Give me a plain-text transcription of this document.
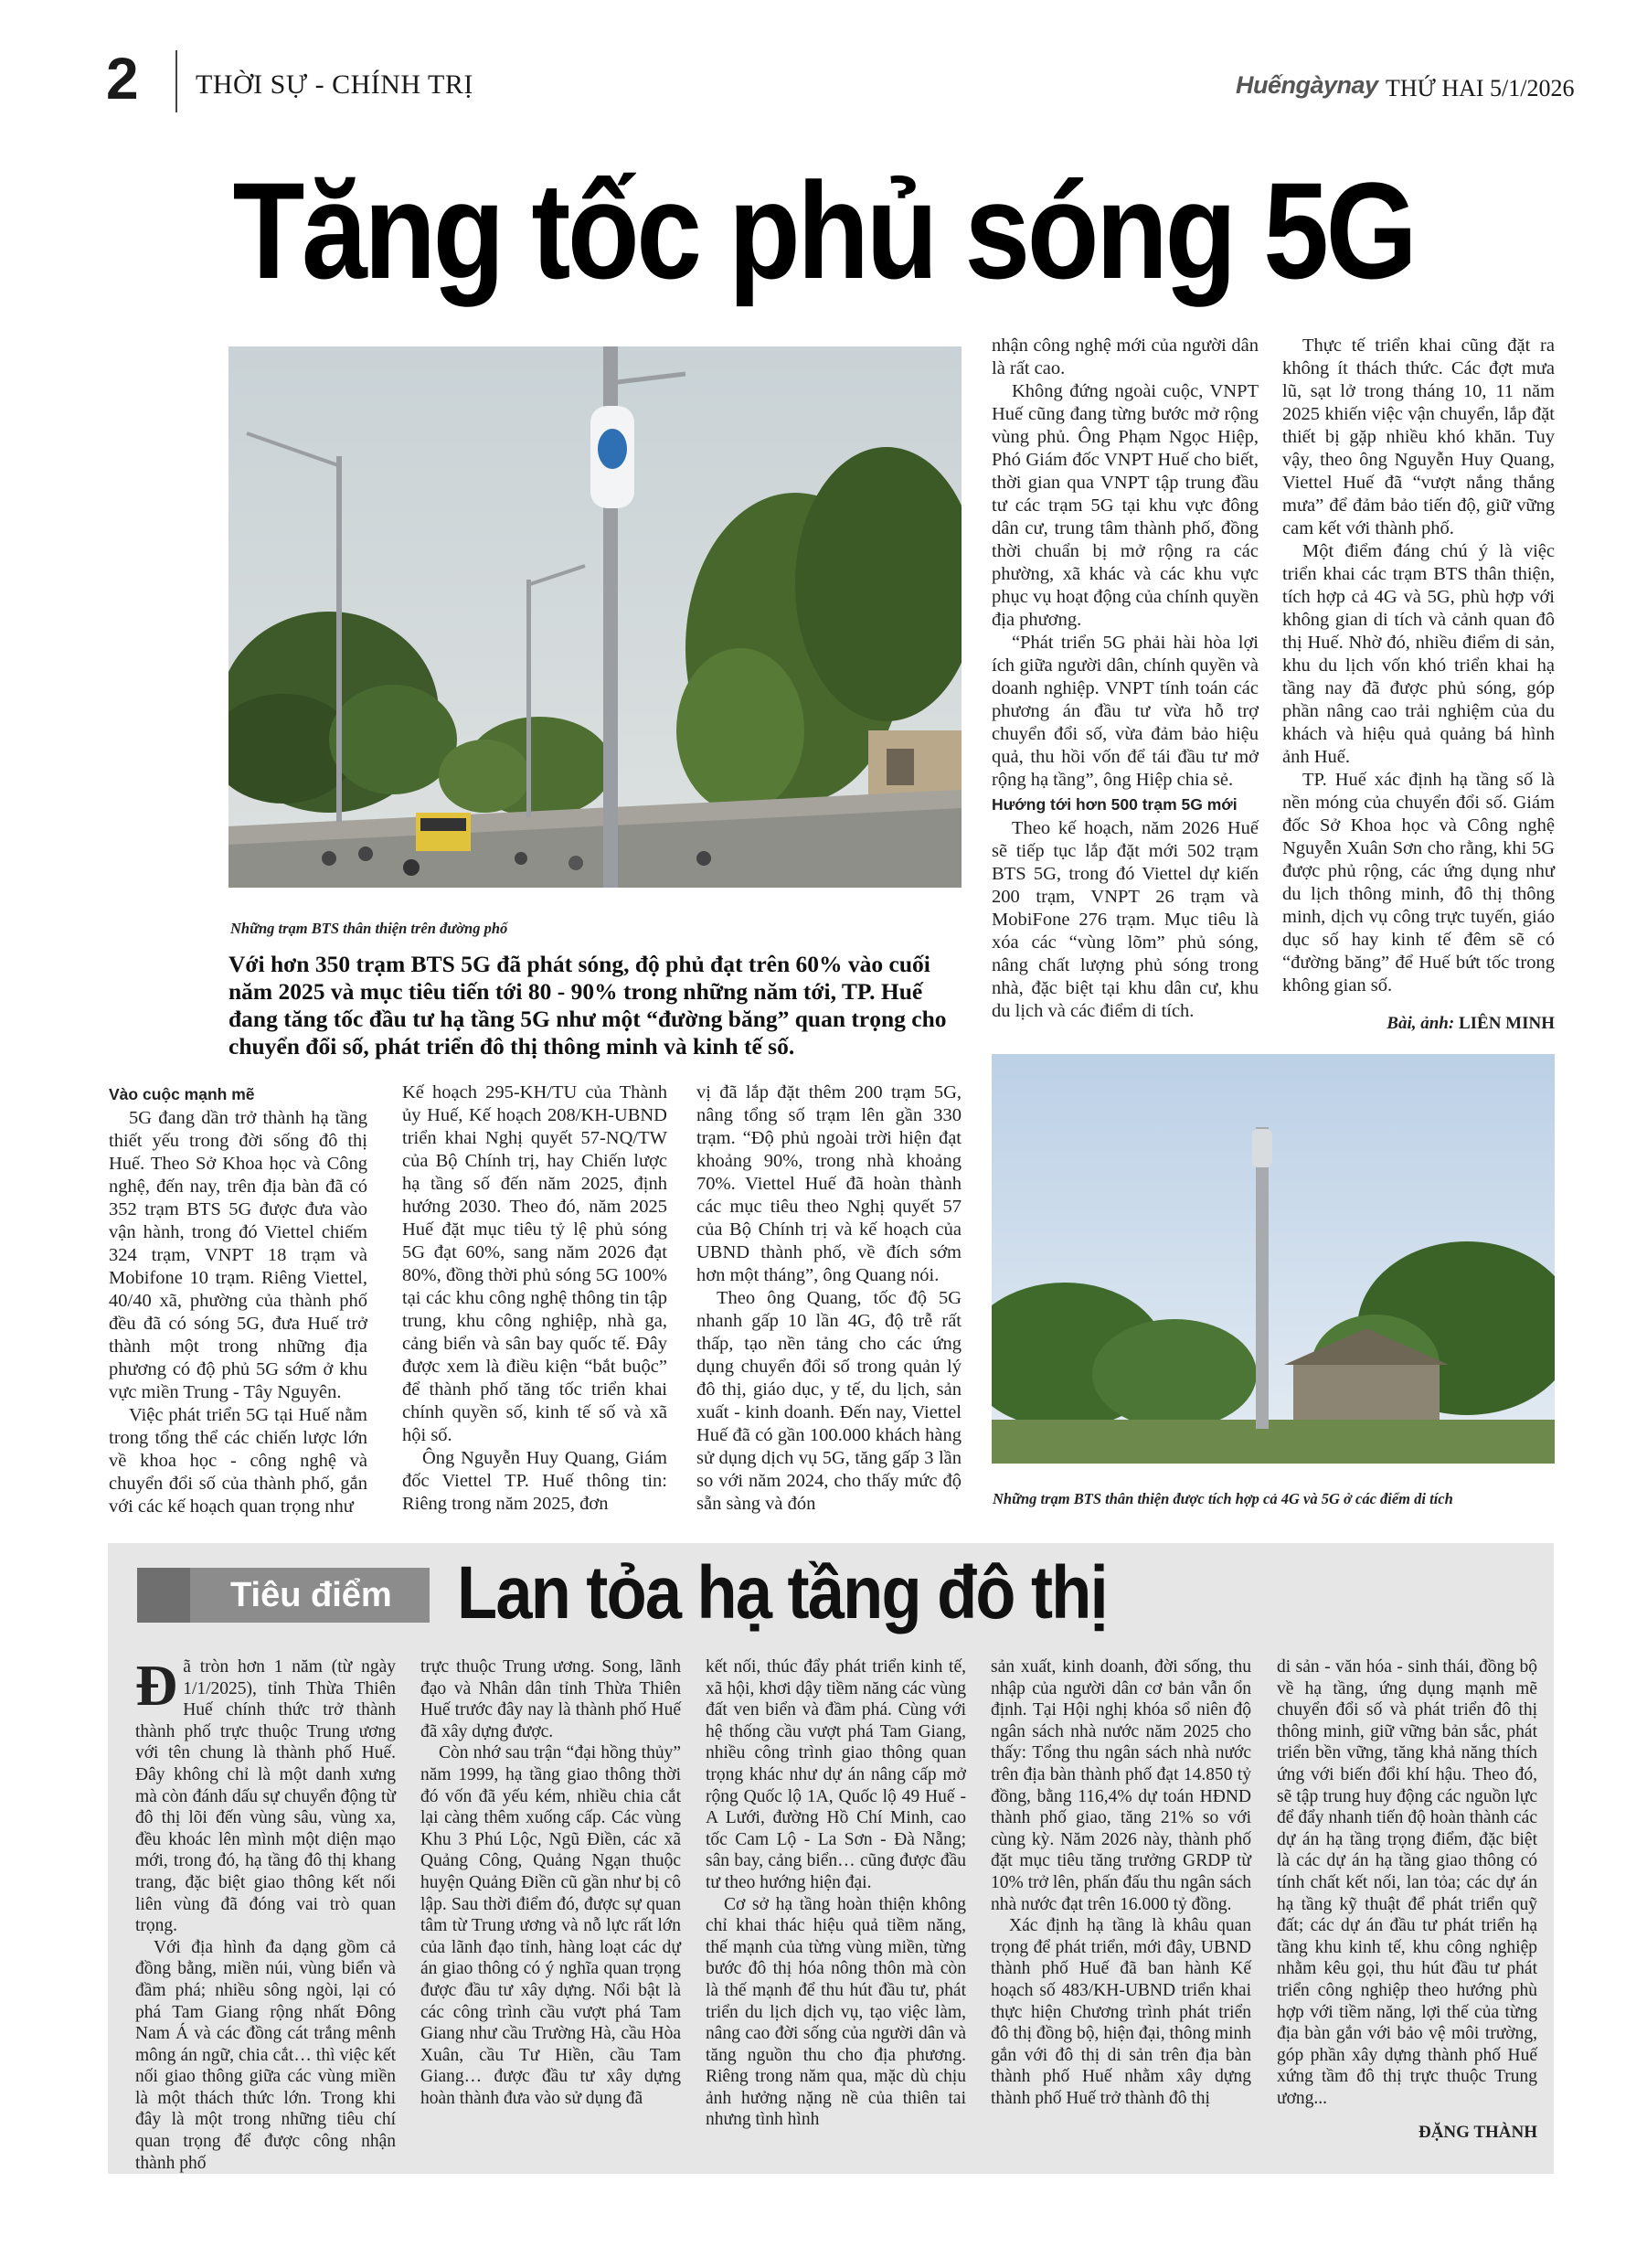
2 THỜI SỰ - CHÍNH TRỊ	Huếngàynay THỨ HAI 5/1/2026
Tăng tốc phủ sóng 5G
Những trạm BTS thân thiện trên đường phố
Với hơn 350 trạm BTS 5G đã phát sóng, độ phủ đạt trên 60% vào cuối năm 2025 và mục tiêu tiến tới 80 - 90% trong những năm tới, TP. Huế đang tăng tốc đầu tư hạ tầng 5G như một “đường băng” quan trọng cho chuyển đổi số, phát triển đô thị thông minh và kinh tế số.

nhận công nghệ mới của người dân là rất cao.

Không đứng ngoài cuộc, VNPT Huế cũng đang từng bước mở rộng vùng phủ. Ông Phạm Ngọc Hiệp, Phó Giám đốc VNPT Huế cho biết, thời gian qua VNPT tập trung đầu tư các trạm 5G tại khu vực đông dân cư, trung tâm thành phố, đồng thời chuẩn bị mở rộng ra các phường, xã khác và các khu vực phục vụ hoạt động của chính quyền địa phương.

“Phát triển 5G phải hài hòa lợi ích giữa người dân, chính quyền và doanh nghiệp. VNPT tính toán các phương án đầu tư vừa hỗ trợ chuyển đổi số, vừa đảm bảo hiệu quả, thu hồi vốn để tái đầu tư mở rộng hạ tầng”, ông Hiệp chia sẻ.

Hướng tới hơn 500 trạm 5G mới

Theo kế hoạch, năm 2026 Huế sẽ tiếp tục lắp đặt mới 502 trạm BTS 5G, trong đó Viettel dự kiến 200 trạm, VNPT 26 trạm và MobiFone 276 trạm. Mục tiêu là xóa các “vùng lõm” phủ sóng, nâng chất lượng phủ sóng trong nhà, đặc biệt tại khu dân cư, khu du lịch và các điểm di tích.

Thực tế triển khai cũng đặt ra không ít thách thức. Các đợt mưa lũ, sạt lở trong tháng 10, 11 năm 2025 khiến việc vận chuyển, lắp đặt thiết bị gặp nhiều khó khăn. Tuy vậy, theo ông Nguyễn Huy Quang, Viettel Huế đã “vượt nắng thắng mưa” để đảm bảo tiến độ, giữ vững cam kết với thành phố.

Một điểm đáng chú ý là việc triển khai các trạm BTS thân thiện, tích hợp cả 4G và 5G, phù hợp với không gian di tích và cảnh quan đô thị Huế. Nhờ đó, nhiều điểm di sản, khu du lịch vốn khó triển khai hạ tầng nay đã được phủ sóng, góp phần nâng cao trải nghiệm của du khách và hiệu quả quảng bá hình ảnh Huế.

TP. Huế xác định hạ tầng số là nền móng của chuyển đổi số. Giám đốc Sở Khoa học và Công nghệ Nguyễn Xuân Sơn cho rằng, khi 5G được phủ rộng, các ứng dụng như du lịch thông minh, đô thị thông minh, dịch vụ công trực tuyến, giáo dục số hay kinh tế đêm sẽ có “đường băng” để Huế bứt tốc trong không gian số.

Bài, ảnh: LIÊN MINH
Vào cuộc mạnh mẽ

5G đang dần trở thành hạ tầng thiết yếu trong đời sống đô thị Huế. Theo Sở Khoa học và Công nghệ, đến nay, trên địa bàn đã có 352 trạm BTS 5G được đưa vào vận hành, trong đó Viettel chiếm 324 trạm, VNPT 18 trạm và Mobifone 10 trạm. Riêng Viettel, 40/40 xã, phường của thành phố đều đã có sóng 5G, đưa Huế trở thành một trong những địa phương có độ phủ 5G sớm ở khu vực miền Trung - Tây Nguyên.

Việc phát triển 5G tại Huế nằm trong tổng thể các chiến lược lớn về khoa học - công nghệ và chuyển đổi số của thành phố, gắn với các kế hoạch quan trọng như

Kế hoạch 295-KH/TU của Thành ủy Huế, Kế hoạch 208/KH-UBND triển khai Nghị quyết 57-NQ/TW của Bộ Chính trị, hay Chiến lược hạ tầng số đến năm 2025, định hướng 2030. Theo đó, năm 2025 Huế đặt mục tiêu tỷ lệ phủ sóng 5G đạt 60%, sang năm 2026 đạt 80%, đồng thời phủ sóng 5G 100% tại các khu công nghệ thông tin tập trung, khu công nghiệp, nhà ga, cảng biển và sân bay quốc tế. Đây được xem là điều kiện “bắt buộc” để thành phố tăng tốc triển khai chính quyền số, kinh tế số và xã hội số.

Ông Nguyễn Huy Quang, Giám đốc Viettel TP. Huế thông tin: Riêng trong năm 2025, đơn

vị đã lắp đặt thêm 200 trạm 5G, nâng tổng số trạm lên gần 330 trạm. “Độ phủ ngoài trời hiện đạt khoảng 90%, trong nhà khoảng 70%. Viettel Huế đã hoàn thành các mục tiêu theo Nghị quyết 57 của Bộ Chính trị và kế hoạch của UBND thành phố, về đích sớm hơn một tháng”, ông Quang nói.

Theo ông Quang, tốc độ 5G nhanh gấp 10 lần 4G, độ trễ rất thấp, tạo nền tảng cho các ứng dụng chuyển đổi số trong quản lý đô thị, giáo dục, y tế, du lịch, sản xuất - kinh doanh. Đến nay, Viettel Huế đã có gần 100.000 khách hàng sử dụng dịch vụ 5G, tăng gấp 3 lần so với năm 2024, cho thấy mức độ sẵn sàng và đón	Những trạm BTS thân thiện được tích hợp cả 4G và 5G ở các điểm di tích
Tiêu điểm Lan tỏa hạ tầng đô thị
Đ ã tròn hơn 1 năm (từ ngày 1/1/2025), tỉnh Thừa Thiên Huế chính thức trở thành thành phố trực thuộc Trung ương với tên chung là thành phố Huế. Đây không chỉ là một danh xưng mà còn đánh dấu sự chuyển động từ đô thị lõi đến vùng sâu, vùng xa, đều khoác lên mình một diện mạo mới, trong đó, hạ tầng đô thị khang trang, đặc biệt giao thông kết nối liên vùng đã đóng vai trò quan trọng.

Với địa hình đa dạng gồm cả đồng bằng, miền núi, vùng biển và đầm phá; nhiều sông ngòi, lại có phá Tam Giang rộng nhất Đông Nam Á và các đồng cát trắng mênh mông án ngữ, chia cắt… thì việc kết nối giao thông giữa các vùng miền là một thách thức lớn. Trong khi đây là một trong những tiêu chí quan trọng để được công nhận thành phố

trực thuộc Trung ương. Song, lãnh đạo và Nhân dân tỉnh Thừa Thiên Huế trước đây nay là thành phố Huế đã xây dựng được.

Còn nhớ sau trận “đại hồng thủy” năm 1999, hạ tầng giao thông thời đó vốn đã yếu kém, nhiều chia cắt lại càng thêm xuống cấp. Các vùng Khu 3 Phú Lộc, Ngũ Điền, các xã Quảng Công, Quảng Ngạn thuộc huyện Quảng Điền cũ gần như bị cô lập. Sau thời điểm đó, được sự quan tâm từ Trung ương và nỗ lực rất lớn của lãnh đạo tỉnh, hàng loạt các dự án giao thông có ý nghĩa quan trọng được đầu tư xây dựng. Nổi bật là các công trình cầu vượt phá Tam Giang như cầu Trường Hà, cầu Hòa Xuân, cầu Tư Hiền, cầu Tam Giang… được đầu tư xây dựng hoàn thành đưa vào sử dụng đã

kết nối, thúc đẩy phát triển kinh tế, xã hội, khơi dậy tiềm năng các vùng đất ven biển và đầm phá. Cùng với hệ thống cầu vượt phá Tam Giang, nhiều công trình giao thông quan trọng khác như dự án nâng cấp mở rộng Quốc lộ 1A, Quốc lộ 49 Huế - A Lưới, đường Hồ Chí Minh, cao tốc Cam Lộ - La Sơn - Đà Nẵng; sân bay, cảng biển… cũng được đầu tư theo hướng hiện đại.

Cơ sở hạ tầng hoàn thiện không chỉ khai thác hiệu quả tiềm năng, thế mạnh của từng vùng miền, từng bước đô thị hóa nông thôn mà còn là thế mạnh để thu hút đầu tư, phát triển du lịch dịch vụ, tạo việc làm, nâng cao đời sống của người dân và tăng nguồn thu cho địa phương. Riêng trong năm qua, mặc dù chịu ảnh hưởng nặng nề của thiên tai nhưng tình hình

sản xuất, kinh doanh, đời sống, thu nhập của người dân cơ bản vẫn ổn định. Tại Hội nghị khóa sổ niên độ ngân sách nhà nước năm 2025 cho thấy: Tổng thu ngân sách nhà nước trên địa bàn thành phố đạt 14.850 tỷ đồng, bằng 116,4% dự toán HĐND thành phố giao, tăng 21% so với cùng kỳ. Năm 2026 này, thành phố đặt mục tiêu tăng trưởng GRDP từ 10% trở lên, phấn đấu thu ngân sách nhà nước đạt trên 16.000 tỷ đồng.

Xác định hạ tầng là khâu quan trọng để phát triển, mới đây, UBND thành phố Huế đã ban hành Kế hoạch số 483/KH-UBND triển khai thực hiện Chương trình phát triển đô thị đồng bộ, hiện đại, thông minh gắn với đô thị di sản trên địa bàn thành phố Huế nhằm xây dựng thành phố Huế trở thành đô thị

di sản - văn hóa - sinh thái, đồng bộ về hạ tầng, ứng dụng mạnh mẽ chuyển đổi số và phát triển đô thị thông minh, giữ vững bản sắc, phát triển bền vững, tăng khả năng thích ứng với biến đổi khí hậu. Theo đó, sẽ tập trung huy động các nguồn lực để đẩy nhanh tiến độ hoàn thành các dự án hạ tầng trọng điểm, đặc biệt là các dự án hạ tầng giao thông có tính chất kết nối, lan tỏa; các dự án hạ tầng kỹ thuật để phát triển quỹ đất; các dự án đầu tư phát triển hạ tầng khu kinh tế, khu công nghiệp nhằm kêu gọi, thu hút đầu tư phát triển công nghiệp theo hướng phù hợp với tiềm năng, lợi thế của từng địa bàn gắn với bảo vệ môi trường, góp phần xây dựng thành phố Huế xứng tầm đô thị trực thuộc Trung ương...

ĐẶNG THÀNH
